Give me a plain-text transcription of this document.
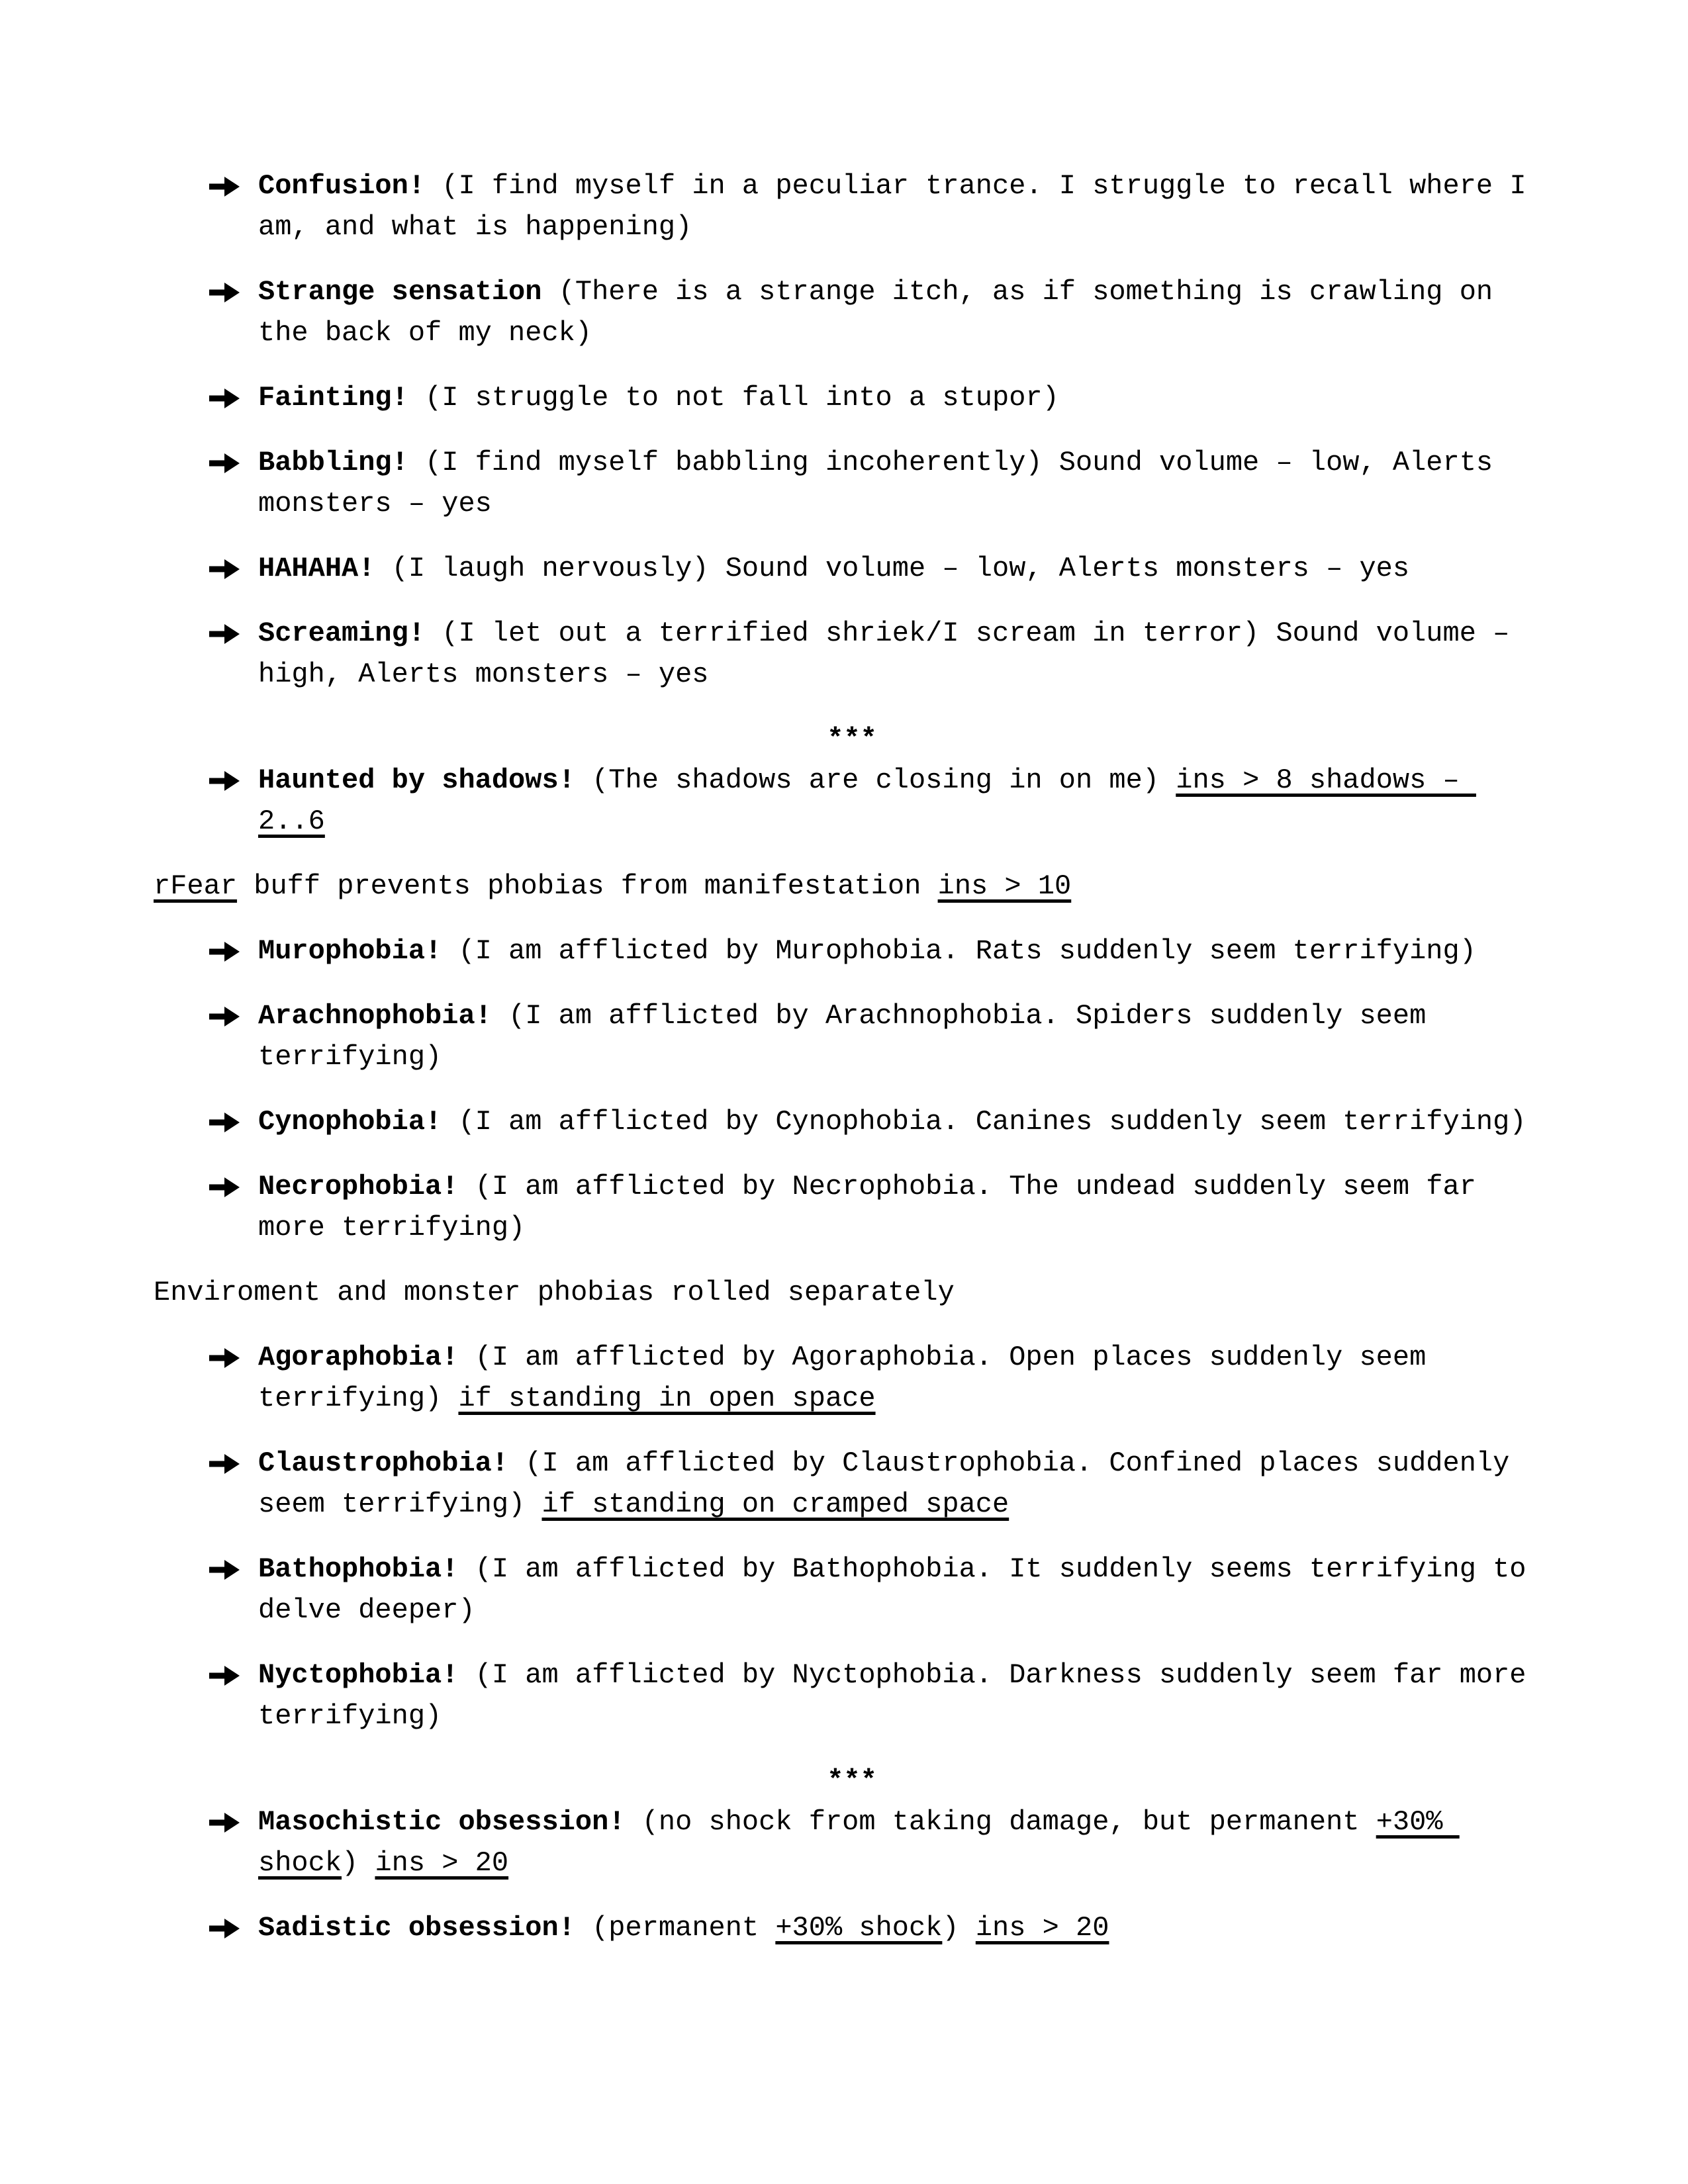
Confusion! (I find myself in a peculiar trance. I struggle to recall where I
am, and what is happening)
Strange sensation (There is a strange itch, as if something is crawling on
the back of my neck)
Fainting! (I struggle to not fall into a stupor)
Babbling! (I find myself babbling incoherently) Sound volume – low, Alerts
monsters – yes
HAHAHA! (I laugh nervously) Sound volume – low, Alerts monsters – yes
Screaming! (I let out a terrified shriek/I scream in terror) Sound volume –
high, Alerts monsters – yes
***
Haunted by shadows! (The shadows are closing in on me) ins > 8 shadows –
2..6
rFear buff prevents phobias from manifestation ins > 10
Murophobia! (I am afflicted by Murophobia. Rats suddenly seem terrifying)
Arachnophobia! (I am afflicted by Arachnophobia. Spiders suddenly seem
terrifying)
Cynophobia! (I am afflicted by Cynophobia. Canines suddenly seem terrifying)
Necrophobia! (I am afflicted by Necrophobia. The undead suddenly seem far
more terrifying)
Enviroment and monster phobias rolled separately
Agoraphobia! (I am afflicted by Agoraphobia. Open places suddenly seem
terrifying) if standing in open space
Claustrophobia! (I am afflicted by Claustrophobia. Confined places suddenly
seem terrifying) if standing on cramped space
Bathophobia! (I am afflicted by Bathophobia. It suddenly seems terrifying to
delve deeper)
Nyctophobia! (I am afflicted by Nyctophobia. Darkness suddenly seem far more
terrifying)
***
Masochistic obsession! (no shock from taking damage, but permanent +30%
shock) ins > 20
Sadistic obsession! (permanent +30% shock) ins > 20
